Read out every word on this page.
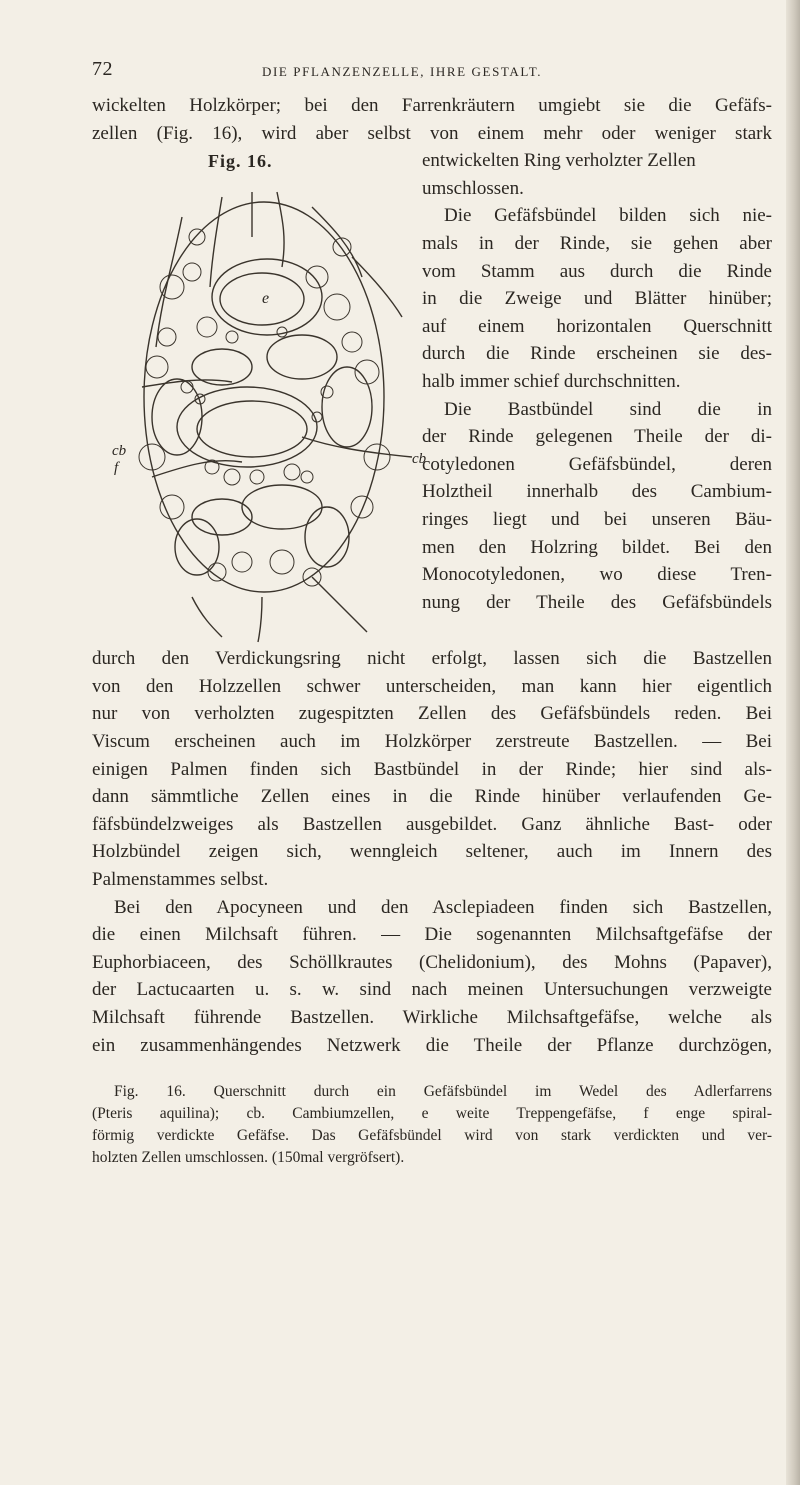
72	DIE PFLANZENZELLE, IHRE GESTALT.
wickelten Holzkörper; bei den Farrenkräutern umgiebt sie die Gefäfs-
zellen (Fig. 16), wird aber selbst von einem mehr oder weniger stark
Fig. 16.
e
cb
f
cb
entwickelten Ring verholzter Zellen
umschlossen.
Die Gefäfsbündel bilden sich nie-
mals in der Rinde, sie gehen aber
vom Stamm aus durch die Rinde
in die Zweige und Blätter hinüber;
auf einem horizontalen Querschnitt
durch die Rinde erscheinen sie des-
halb immer schief durchschnitten.
Die Bastbündel sind die in
der Rinde gelegenen Theile der di-
cotyledonen Gefäfsbündel, deren
Holztheil innerhalb des Cambium-
ringes liegt und bei unseren Bäu-
men den Holzring bildet. Bei den
Monocotyledonen, wo diese Tren-
nung der Theile des Gefäfsbündels
durch den Verdickungsring nicht erfolgt, lassen sich die Bastzellen
von den Holzzellen schwer unterscheiden, man kann hier eigentlich
nur von verholzten zugespitzten Zellen des Gefäfsbündels reden. Bei
Viscum erscheinen auch im Holzkörper zerstreute Bastzellen. — Bei
einigen Palmen finden sich Bastbündel in der Rinde; hier sind als-
dann sämmtliche Zellen eines in die Rinde hinüber verlaufenden Ge-
fäfsbündelzweiges als Bastzellen ausgebildet. Ganz ähnliche Bast- oder
Holzbündel zeigen sich, wenngleich seltener, auch im Innern des
Palmenstammes selbst.
Bei den Apocyneen und den Asclepiadeen finden sich Bastzellen,
die einen Milchsaft führen. — Die sogenannten Milchsaftgefäfse der
Euphorbiaceen, des Schöllkrautes (Chelidonium), des Mohns (Papaver),
der Lactucaarten u. s. w. sind nach meinen Untersuchungen verzweigte
Milchsaft führende Bastzellen. Wirkliche Milchsaftgefäfse, welche als
ein zusammenhängendes Netzwerk die Theile der Pflanze durchzögen,
Fig. 16. Querschnitt durch ein Gefäfsbündel im Wedel des Adlerfarrens
(Pteris aquilina); cb. Cambiumzellen, e weite Treppengefäfse, f enge spiral-
förmig verdickte Gefäfse. Das Gefäfsbündel wird von stark verdickten und ver-
holzten Zellen umschlossen. (150mal vergröfsert).
